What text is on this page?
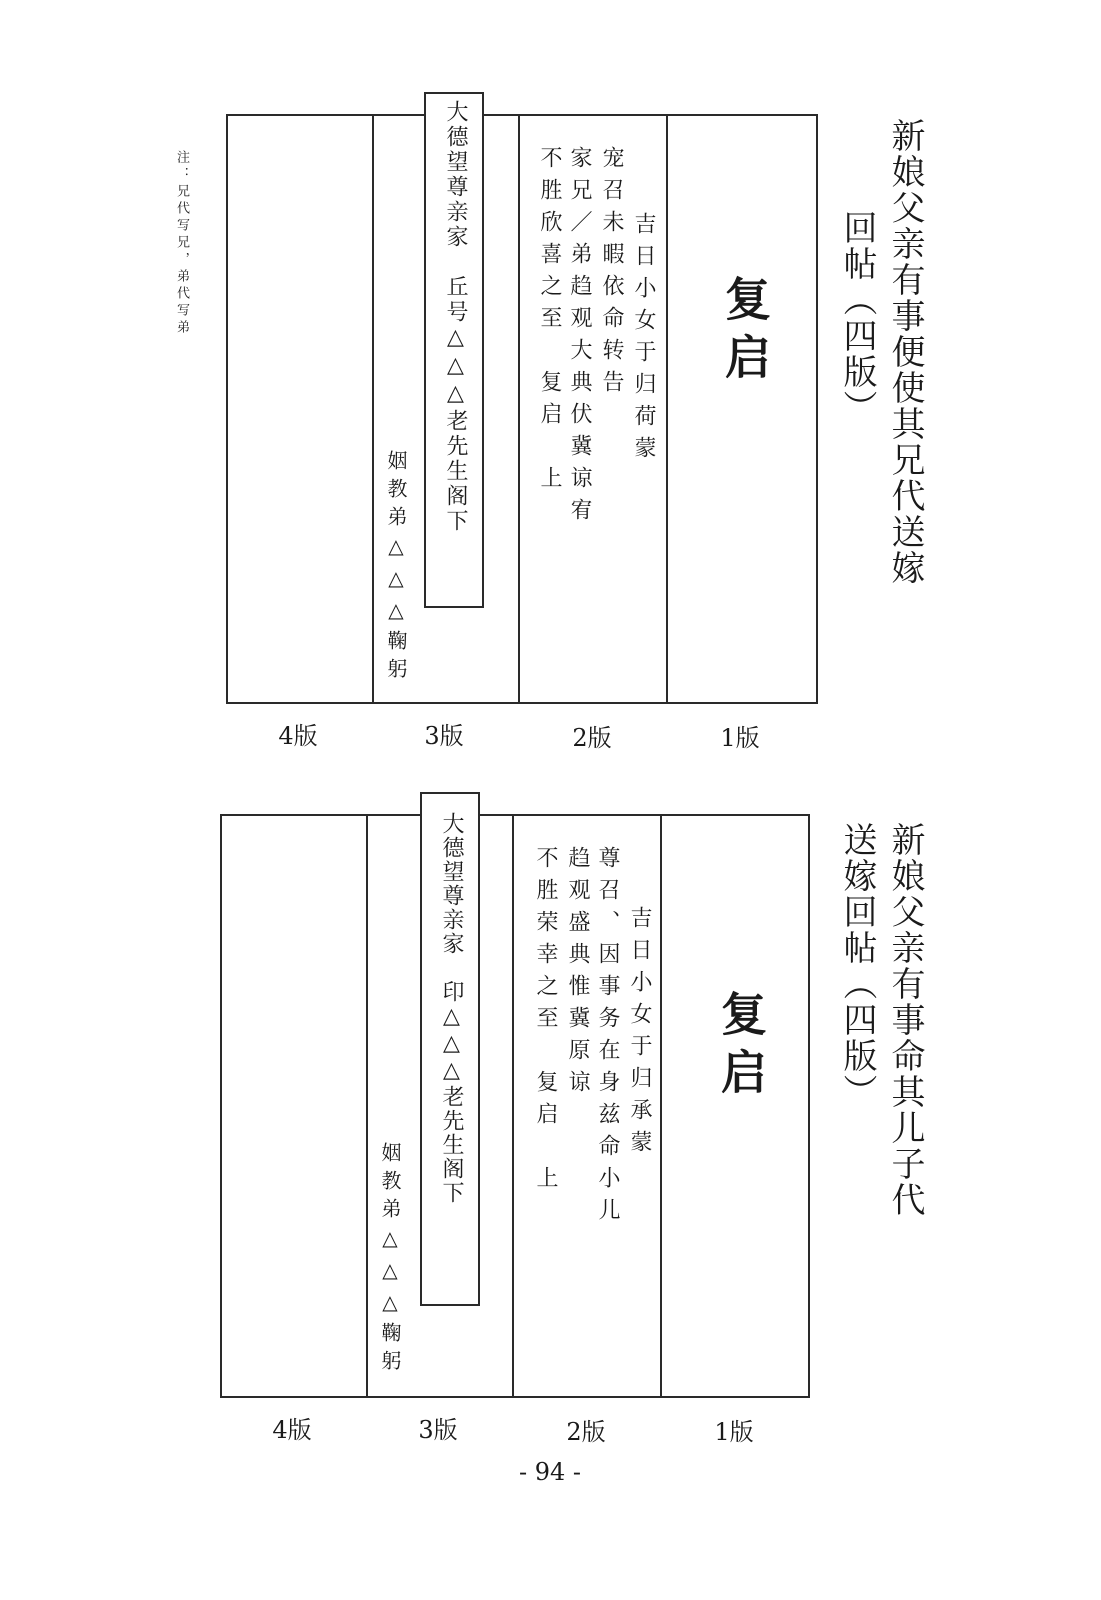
注：兄代写兄，弟代写弟	新娘父亲有事便使其兄代送嫁
回帖（四版）
复启
吉日小女于归荷蒙
宠召未暇依命转告
家兄／弟趋观大典伏冀谅宥
不胜欣喜之至　复启　上
大德望尊亲家　丘号△△△老先生阁下
姻教弟△△△鞠躬
4版	3版	2版	1版
新娘父亲有事命其儿子代
送嫁回帖（四版）
复启
吉日小女于归承蒙
尊召、因事务在身兹命小儿
趋观盛典惟冀原谅
不胜荣幸之至　复启　上
大德望尊亲家　印△△△老先生阁下
姻教弟△△△鞠躬
4版	3版	2版	1版
- 94 -
